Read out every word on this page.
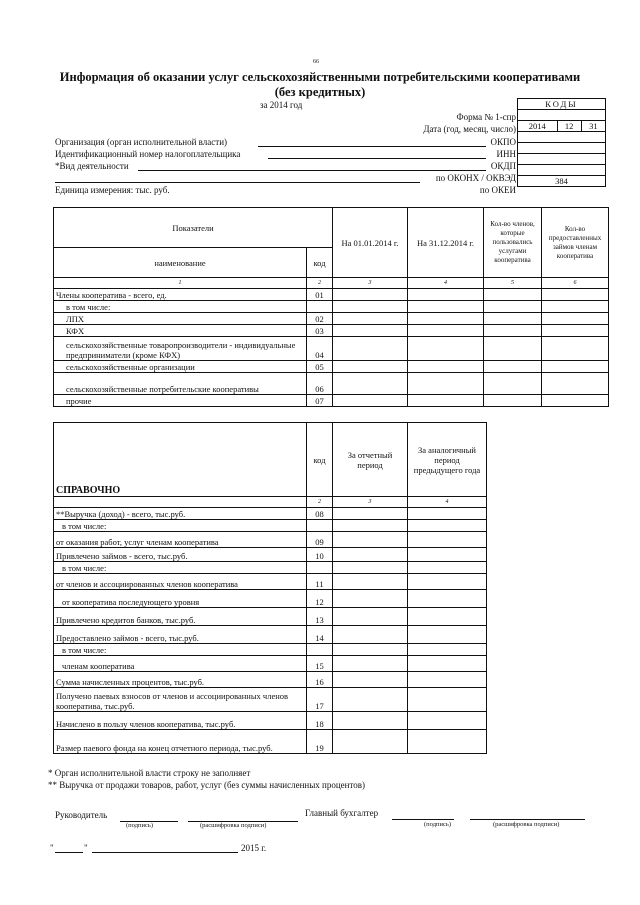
66
Информация об оказании услуг сельскохозяйственными потребительскими кооперативами
(без кредитных)
за 2014 год	КОДЫ

2014	12	31

384
Форма № 1-спр
Дата (год, месяц, число)
Организация (орган исполнительной власти)	ОКПО
Идентификационный номер налогоплательщика	ИНН
*Вид деятельности	ОКДП
по ОКОНХ / ОКВЭД
Единица измерения: тыс. руб.	по ОКЕИ
Показатели		На 01.01.2014 г.	На 31.12.2014 г.	Кол-во членов, которые пользовались услугами кооператива	Кол-во предоставленных займов членам кооператива
наименование	код				
1	2	3	4	5	6
Члены кооператива - всего, ед.	01				
в том числе:					
ЛПХ	02				
КФХ	03				
сельскохозяйственные товаропроизводители - индивидуальные предприниматели (кроме КФХ)	04				
сельскохозяйственные организации	05				
сельскохозяйственные потребительские кооперативы	06				
прочие	07				
СПРАВОЧНО	код	За отчетный период	За аналогичный период предыдущего года
	2	3	4
**Выручка (доход) - всего, тыс.руб.	08		
в том числе:			
от оказания работ, услуг членам кооператива	09		
Привлечено займов - всего, тыс.руб.	10		
в том числе:			
от членов и ассоциированных членов кооператива	11		
от кооператива последующего уровня	12		
Привлечено кредитов банков, тыс.руб.	13		
Предоставлено займов - всего, тыс.руб.	14		
в том числе:			
членам кооператива	15		
Сумма начисленных процентов, тыс.руб.	16		
Получено паевых взносов от членов и ассоциированных членов кооператива, тыс.руб.	17		
Начислено в пользу членов кооператива, тыс.руб.	18		
Размер паевого фонда на конец отчетного периода, тыс.руб.	19		
* Орган исполнительной власти строку не заполняет
** Выручка от продажи товаров, работ, услуг (без суммы начисленных процентов)
Руководитель
(подпись)	(расшифровка подписи)
Главный бухгалтер
(подпись)	(расшифровка подписи)
"	"	2015 г.
